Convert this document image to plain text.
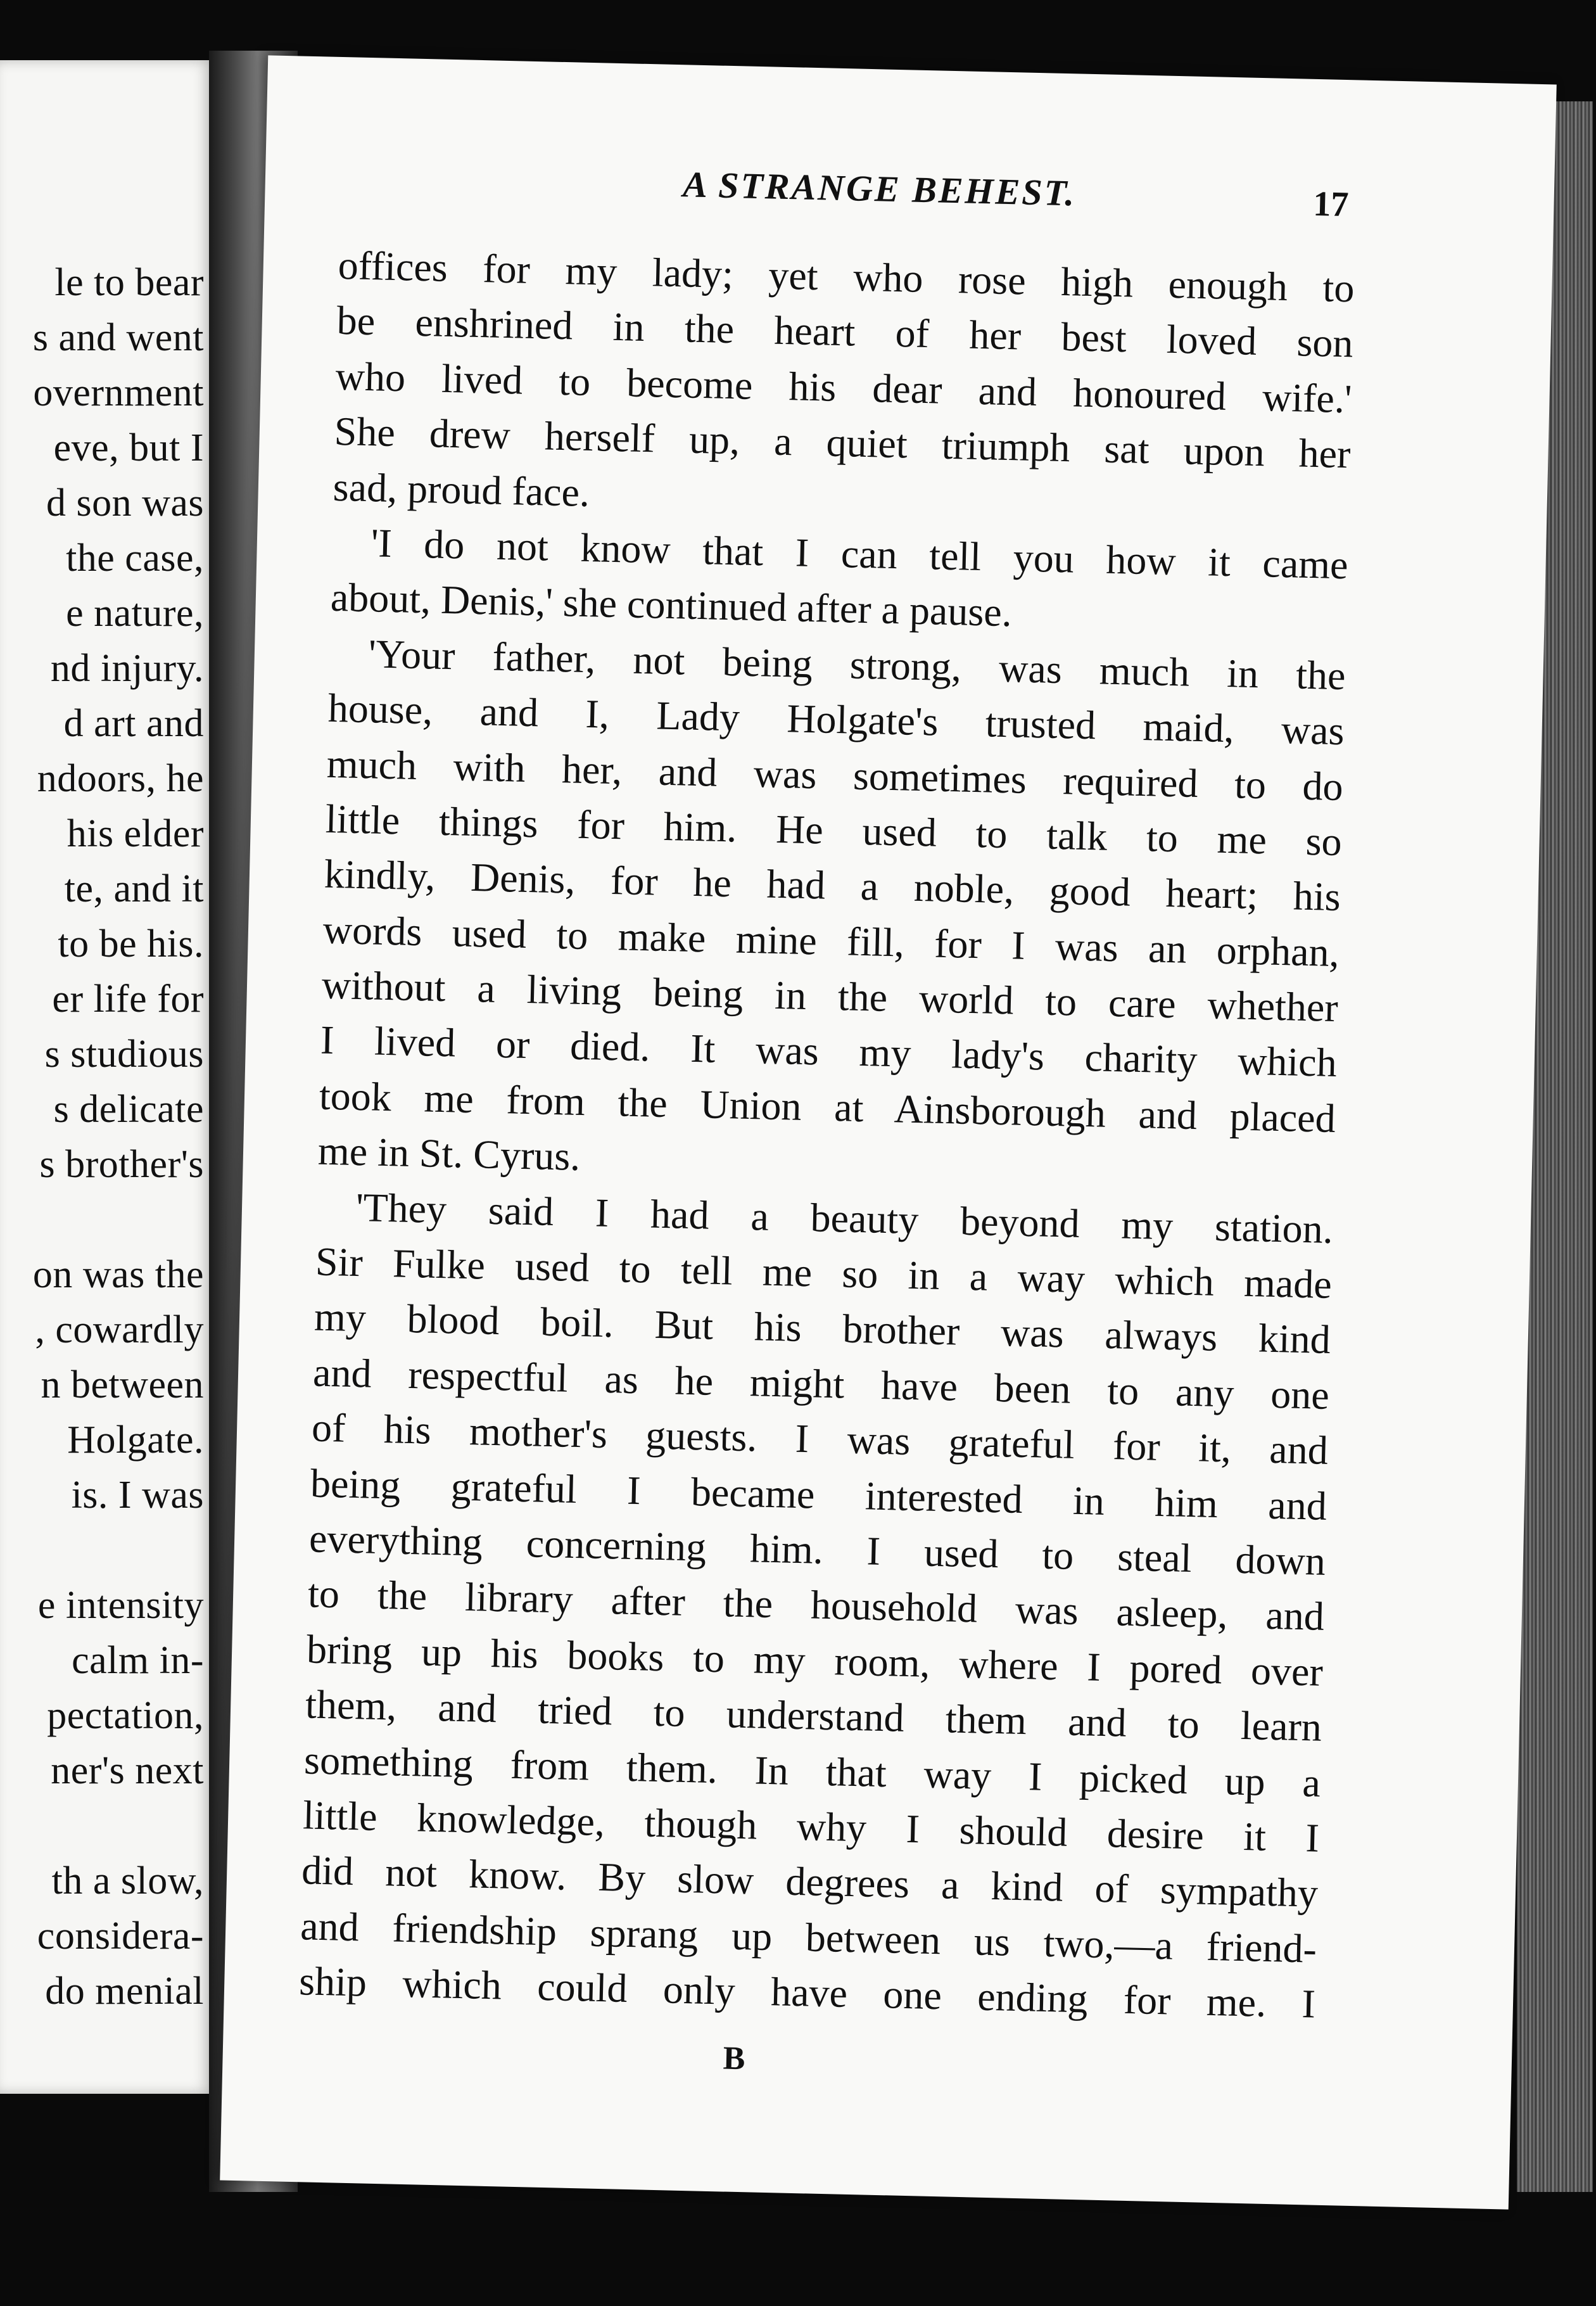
le to bear
s and went
overnment
eve, but I
d son was
the case,
e nature,
nd injury.
d art and
ndoors, he
his elder
te, and it
to be his.
er life for
s studious
s delicate
s brother's
on was the
, cowardly
n between
Holgate.
is. I was
e intensity
calm in-
pectation,
ner's next
th a slow,
considera-
do menial
A STRANGE BEHEST.	17
offices for my lady; yet who rose high enough to
be enshrined in the heart of her best loved son
who lived to become his dear and honoured wife.'
She drew herself up, a quiet triumph sat upon her
sad, proud face.
'I do not know that I can tell you how it came
about, Denis,' she continued after a pause.
'Your father, not being strong, was much in the
house, and I, Lady Holgate's trusted maid, was
much with her, and was sometimes required to do
little things for him. He used to talk to me so
kindly, Denis, for he had a noble, good heart; his
words used to make mine fill, for I was an orphan,
without a living being in the world to care whether
I lived or died. It was my lady's charity which
took me from the Union at Ainsborough and placed
me in St. Cyrus.
'They said I had a beauty beyond my station.
Sir Fulke used to tell me so in a way which made
my blood boil. But his brother was always kind
and respectful as he might have been to any one
of his mother's guests. I was grateful for it, and
being grateful I became interested in him and
everything concerning him. I used to steal down
to the library after the household was asleep, and
bring up his books to my room, where I pored over
them, and tried to understand them and to learn
something from them. In that way I picked up a
little knowledge, though why I should desire it I
did not know. By slow degrees a kind of sympathy
and friendship sprang up between us two,—a friend-
ship which could only have one ending for me. I
B
